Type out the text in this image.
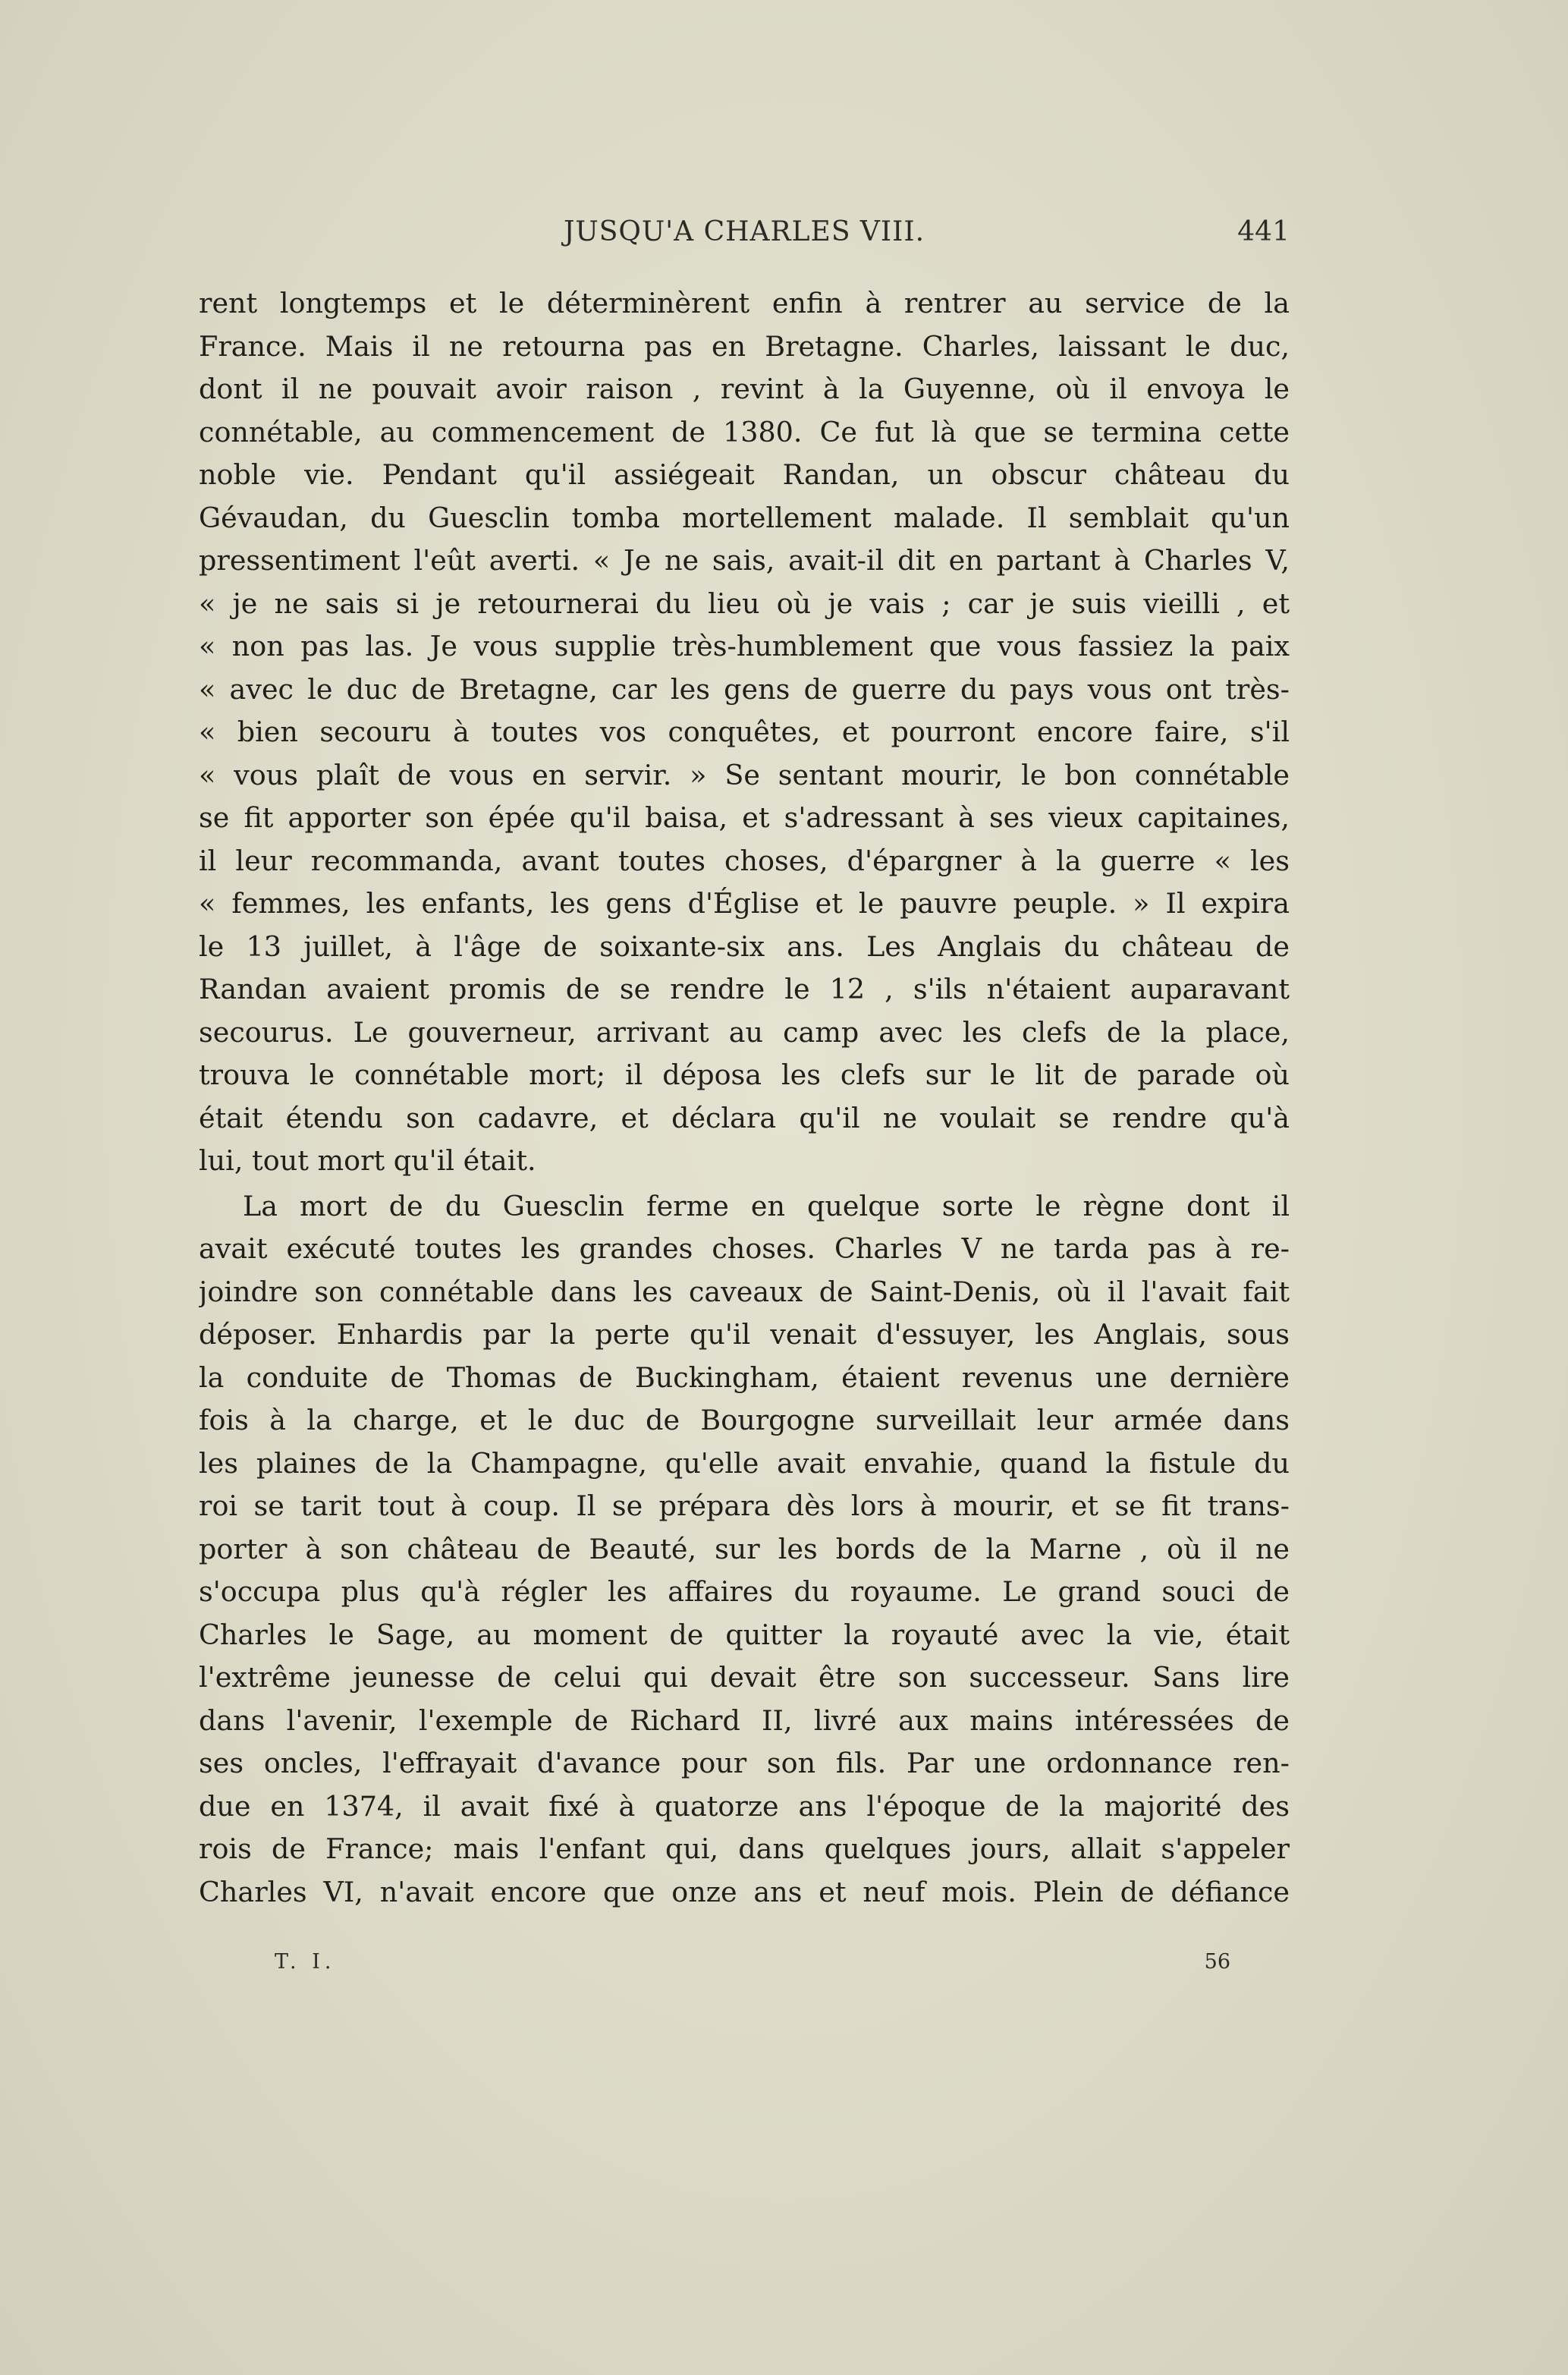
JUSQU'A CHARLES VIII.	441
rent longtemps et le déterminèrent enfin à rentrer au service de la
France. Mais il ne retourna pas en Bretagne. Charles, laissant le duc,
dont il ne pouvait avoir raison , revint à la Guyenne, où il envoya le
connétable, au commencement de 1380. Ce fut là que se termina cette
noble vie. Pendant qu'il assiégeait Randan, un obscur château du
Gévaudan, du Guesclin tomba mortellement malade. Il semblait qu'un
pressentiment l'eût averti. « Je ne sais, avait-il dit en partant à Charles V,
« je ne sais si je retournerai du lieu où je vais ; car je suis vieilli , et
« non pas las. Je vous supplie très-humblement que vous fassiez la paix
« avec le duc de Bretagne, car les gens de guerre du pays vous ont très-
« bien secouru à toutes vos conquêtes, et pourront encore faire, s'il
« vous plaît de vous en servir. » Se sentant mourir, le bon connétable
se fit apporter son épée qu'il baisa, et s'adressant à ses vieux capitaines,
il leur recommanda, avant toutes choses, d'épargner à la guerre « les
« femmes, les enfants, les gens d'Église et le pauvre peuple. » Il expira
le 13 juillet, à l'âge de soixante-six ans. Les Anglais du château de
Randan avaient promis de se rendre le 12 , s'ils n'étaient auparavant
secourus. Le gouverneur, arrivant au camp avec les clefs de la place,
trouva le connétable mort; il déposa les clefs sur le lit de parade où
était étendu son cadavre, et déclara qu'il ne voulait se rendre qu'à
lui, tout mort qu'il était.
La mort de du Guesclin ferme en quelque sorte le règne dont il
avait exécuté toutes les grandes choses. Charles V ne tarda pas à re-
joindre son connétable dans les caveaux de Saint-Denis, où il l'avait fait
déposer. Enhardis par la perte qu'il venait d'essuyer, les Anglais, sous
la conduite de Thomas de Buckingham, étaient revenus une dernière
fois à la charge, et le duc de Bourgogne surveillait leur armée dans
les plaines de la Champagne, qu'elle avait envahie, quand la fistule du
roi se tarit tout à coup. Il se prépara dès lors à mourir, et se fit trans-
porter à son château de Beauté, sur les bords de la Marne , où il ne
s'occupa plus qu'à régler les affaires du royaume. Le grand souci de
Charles le Sage, au moment de quitter la royauté avec la vie, était
l'extrême jeunesse de celui qui devait être son successeur. Sans lire
dans l'avenir, l'exemple de Richard II, livré aux mains intéressées de
ses oncles, l'effrayait d'avance pour son fils. Par une ordonnance ren-
due en 1374, il avait fixé à quatorze ans l'époque de la majorité des
rois de France; mais l'enfant qui, dans quelques jours, allait s'appeler
Charles VI, n'avait encore que onze ans et neuf mois. Plein de défiance
T. I.	56
